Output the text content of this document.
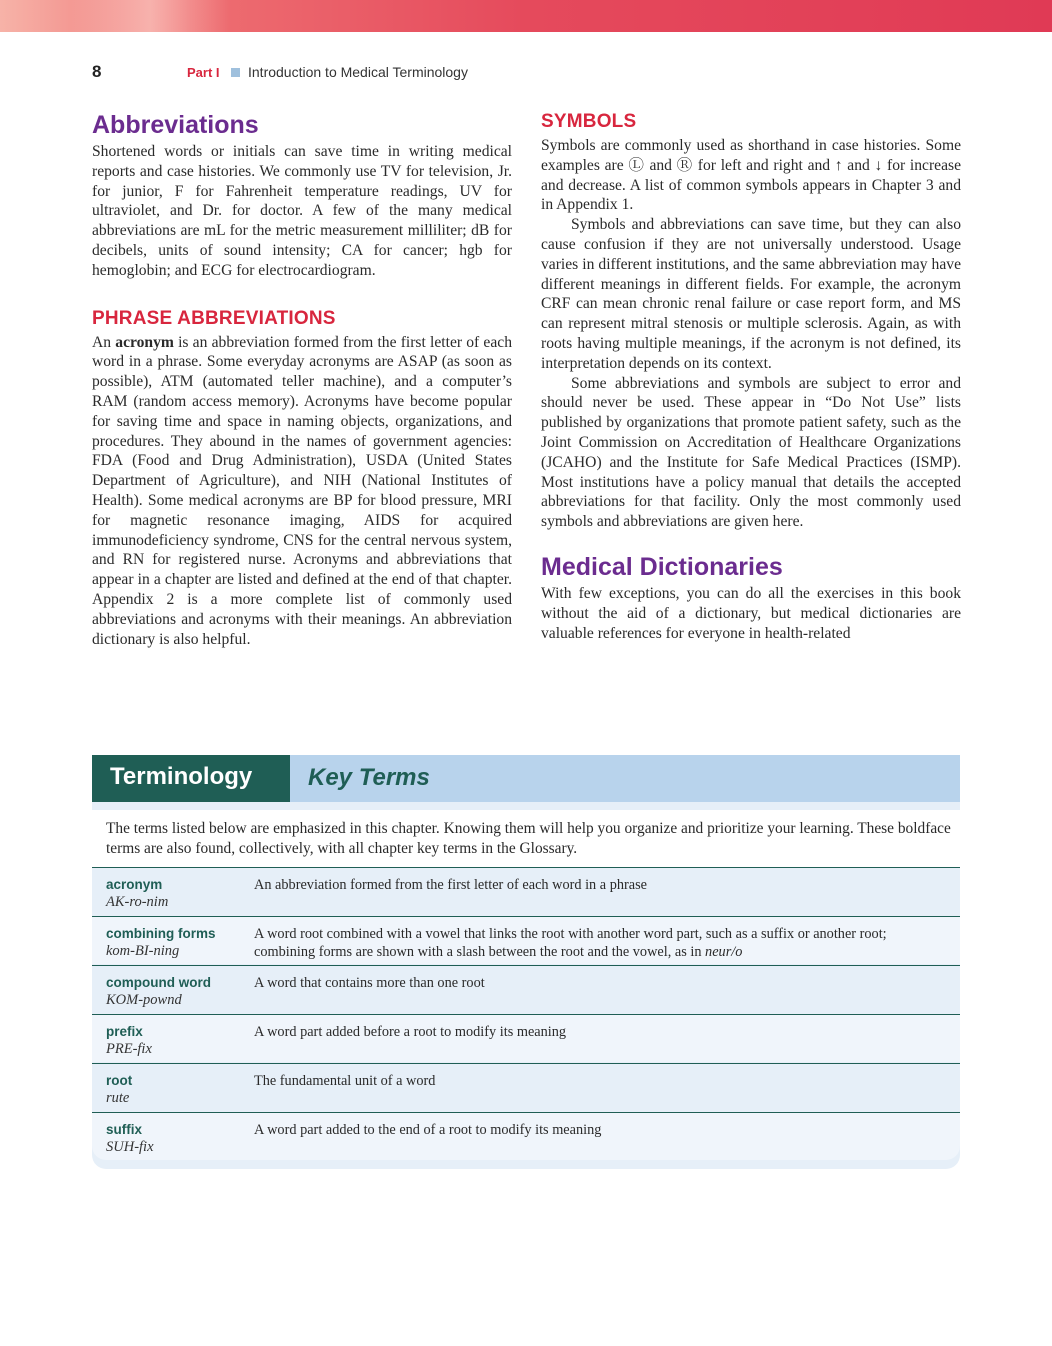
8	Part I Introduction to Medical Terminology
Abbreviations

Shortened words or initials can save time in writing medical reports and case histories. We commonly use TV for television, Jr. for junior, F for Fahrenheit temperature readings, UV for ultraviolet, and Dr. for doctor. A few of the many medical abbreviations are mL for the metric measurement milliliter; dB for decibels, units of sound intensity; CA for cancer; hgb for hemoglobin; and ECG for electrocardiogram.

PHRASE ABBREVIATIONS

An acronym is an abbreviation formed from the first letter of each word in a phrase. Some everyday acronyms are ASAP (as soon as possible), ATM (automated teller machine), and a computer’s RAM (random access memory). Acronyms have become popular for saving time and space in naming objects, organizations, and procedures. They abound in the names of government agencies: FDA (Food and Drug Administration), USDA (United States Department of Agriculture), and NIH (National Institutes of Health). Some medical acronyms are BP for blood pressure, MRI for magnetic resonance imaging, AIDS for acquired immunodeficiency syndrome, CNS for the central nervous system, and RN for registered nurse. Acronyms and abbreviations that appear in a chapter are listed and defined at the end of that chapter. Appendix 2 is a more complete list of commonly used abbreviations and acronyms with their meanings. An abbreviation dictionary is also helpful.

SYMBOLS

Symbols are commonly used as shorthand in case histories. Some examples are Ⓛ and Ⓡ for left and right and ↑ and ↓ for increase and decrease. A list of common symbols appears in Chapter 3 and in Appendix 1.

Symbols and abbreviations can save time, but they can also cause confusion if they are not universally understood. Usage varies in different institutions, and the same abbreviation may have different meanings in different fields. For example, the acronym CRF can mean chronic renal failure or case report form, and MS can represent mitral stenosis or multiple sclerosis. Again, as with roots having multiple meanings, if the acronym is not defined, its interpretation depends on its context.

Some abbreviations and symbols are subject to error and should never be used. These appear in “Do Not Use” lists published by organizations that promote patient safety, such as the Joint Commission on Accreditation of Healthcare Organizations (JCAHO) and the Institute for Safe Medical Practices (ISMP). Most institutions have a policy manual that details the accepted abbreviations for that facility. Only the most commonly used symbols and abbreviations are given here.

Medical Dictionaries

With few exceptions, you can do all the exercises in this book without the aid of a dictionary, but medical dictionaries are valuable references for everyone in health-related

Terminology Key Terms
The terms listed below are emphasized in this chapter. Knowing them will help you organize and prioritize your learning. These boldface terms are also found, collectively, with all chapter key terms in the Glossary.
acronym
AK-ro-nim
An abbreviation formed from the first letter of each word in a phrase
combining forms
kom-BI-ning
A word root combined with a vowel that links the root with another word part, such as a suffix or another root; combining forms are shown with a slash between the root and the vowel, as in neur/o
compound word
KOM-pownd
A word that contains more than one root
prefix
PRE-fix
A word part added before a root to modify its meaning
root
rute
The fundamental unit of a word
suffix
SUH-fix
A word part added to the end of a root to modify its meaning
